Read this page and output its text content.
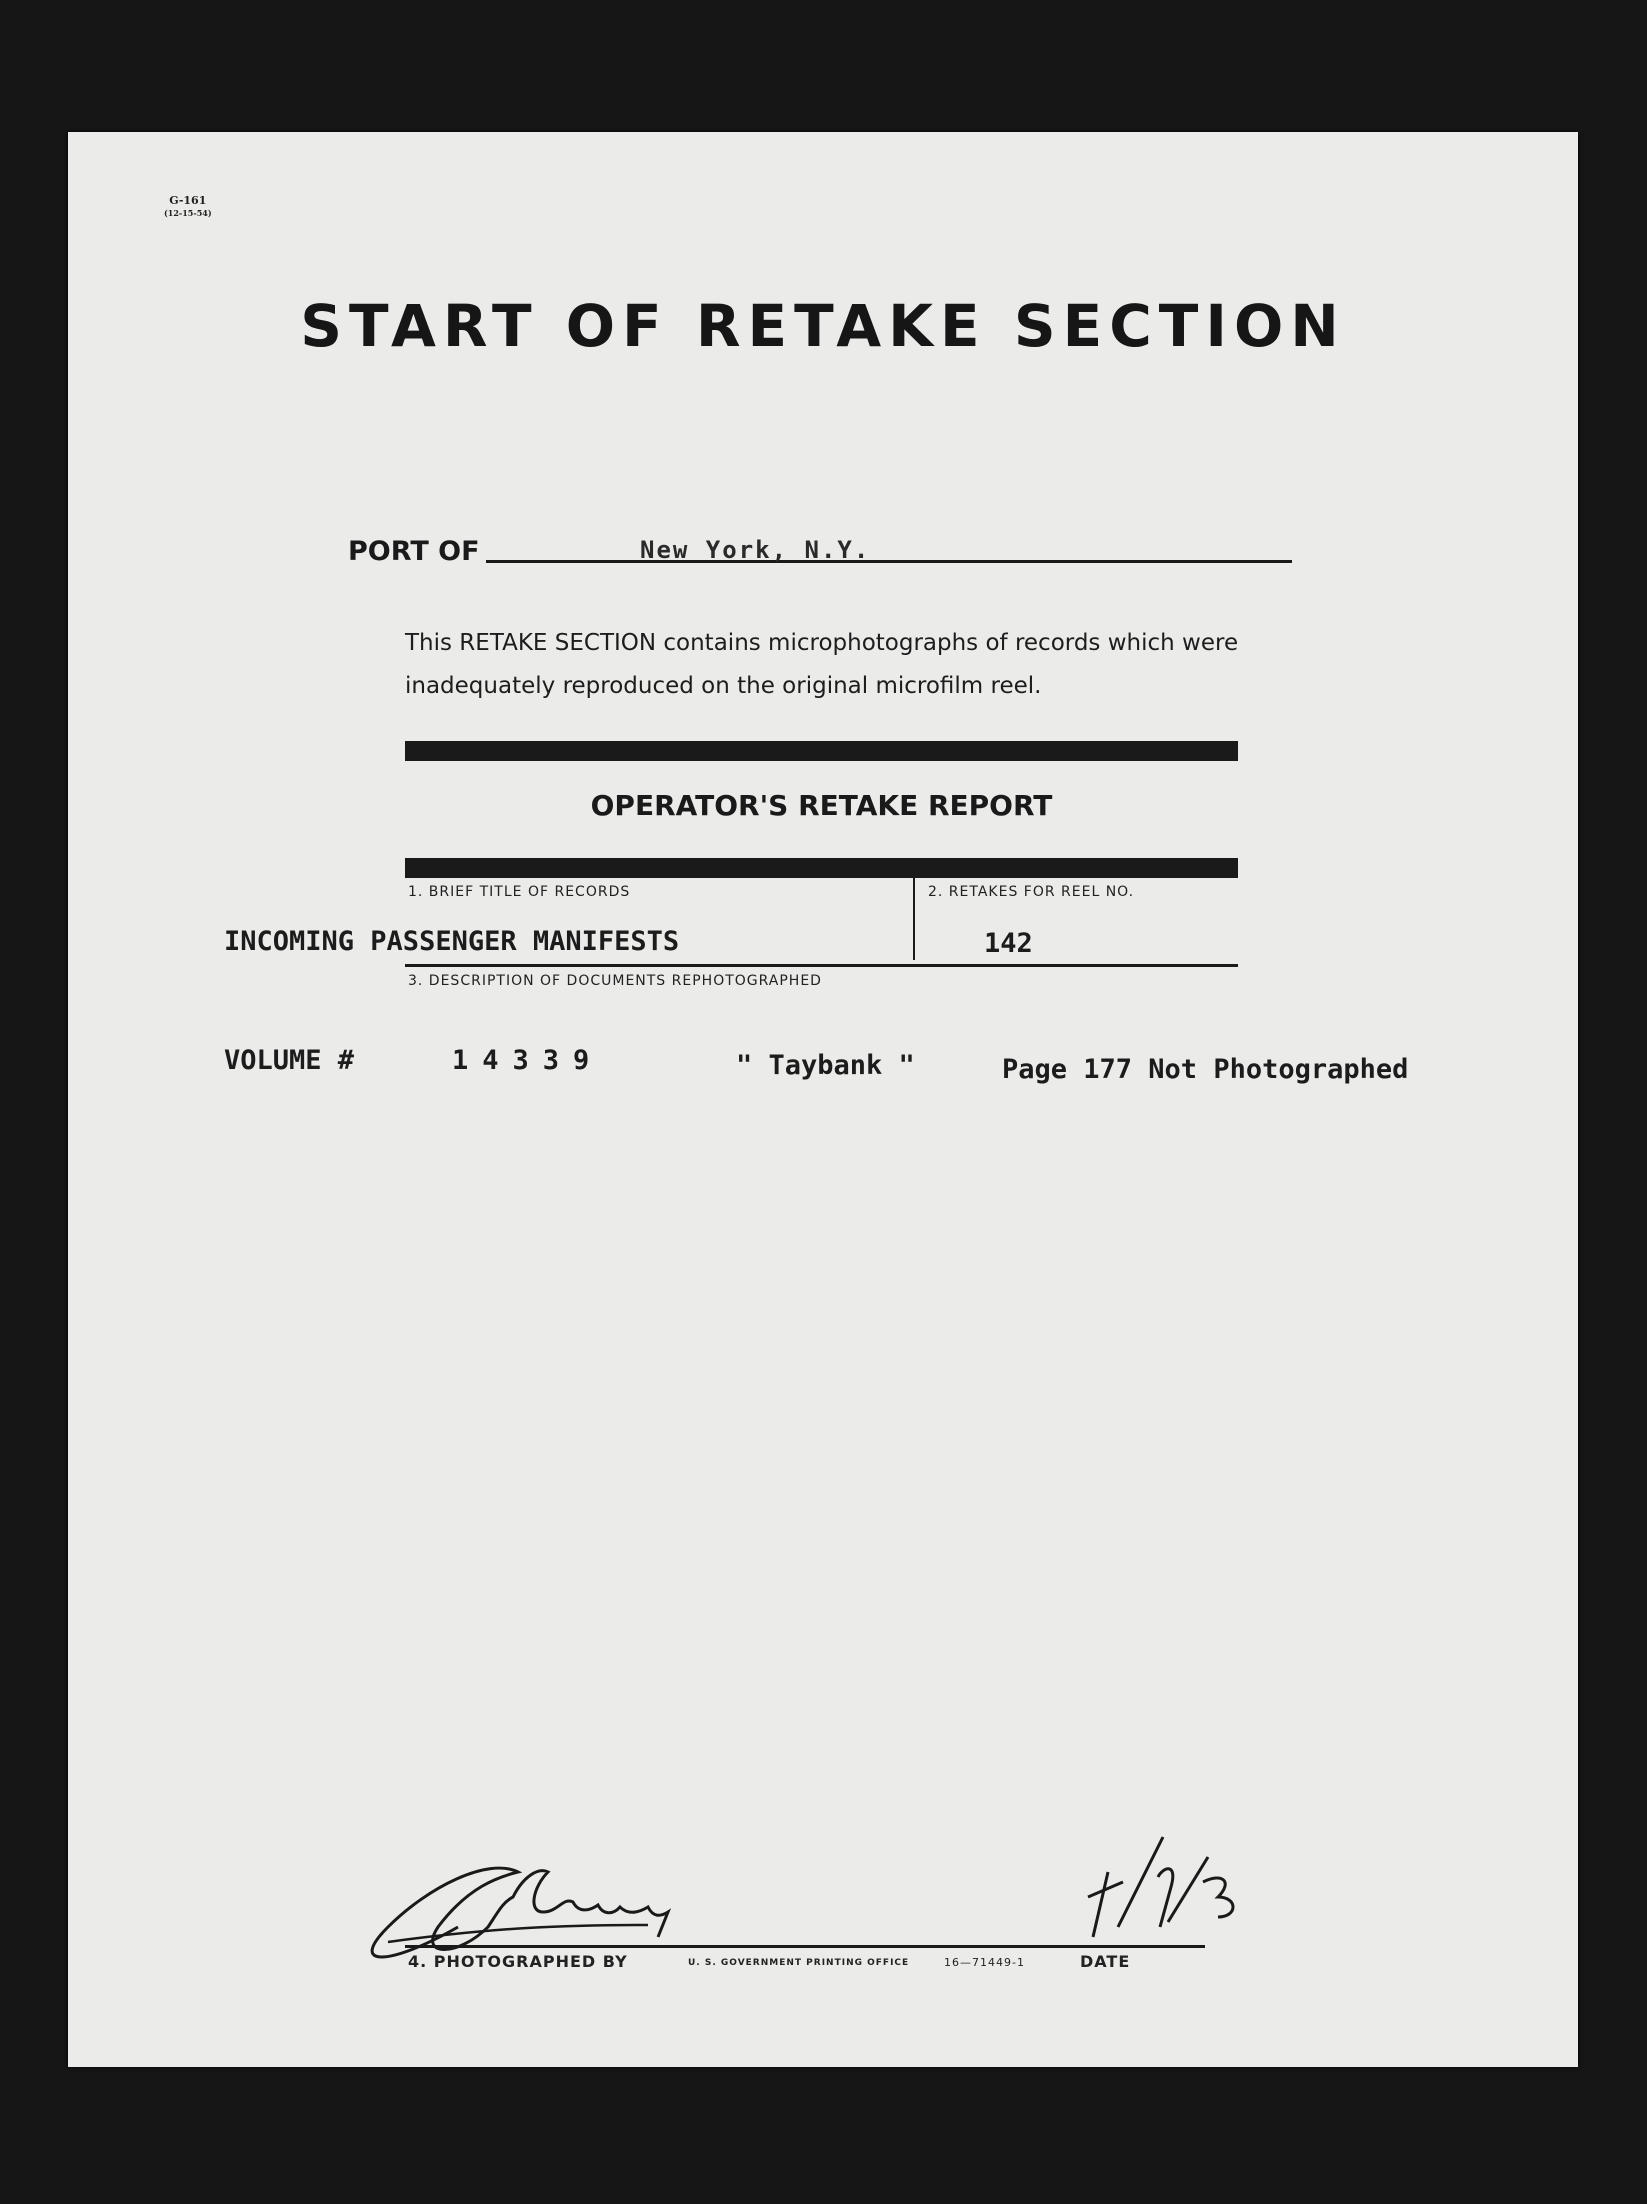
G-161
(12-15-54)
START OF RETAKE SECTION
PORT OF	New York, N.Y.
This RETAKE SECTION contains microphotographs of records which were
inadequately reproduced on the original microfilm reel.
OPERATOR'S RETAKE REPORT
1. BRIEF TITLE OF RECORDS	2. RETAKES FOR REEL NO.
INCOMING PASSENGER MANIFESTS	142
3. DESCRIPTION OF DOCUMENTS REPHOTOGRAPHED
VOLUME #	14339	" Taybank "	Page 177 Not Photographed
4. PHOTOGRAPHED BY	U. S. GOVERNMENT PRINTING OFFICE	16—71449-1	DATE
